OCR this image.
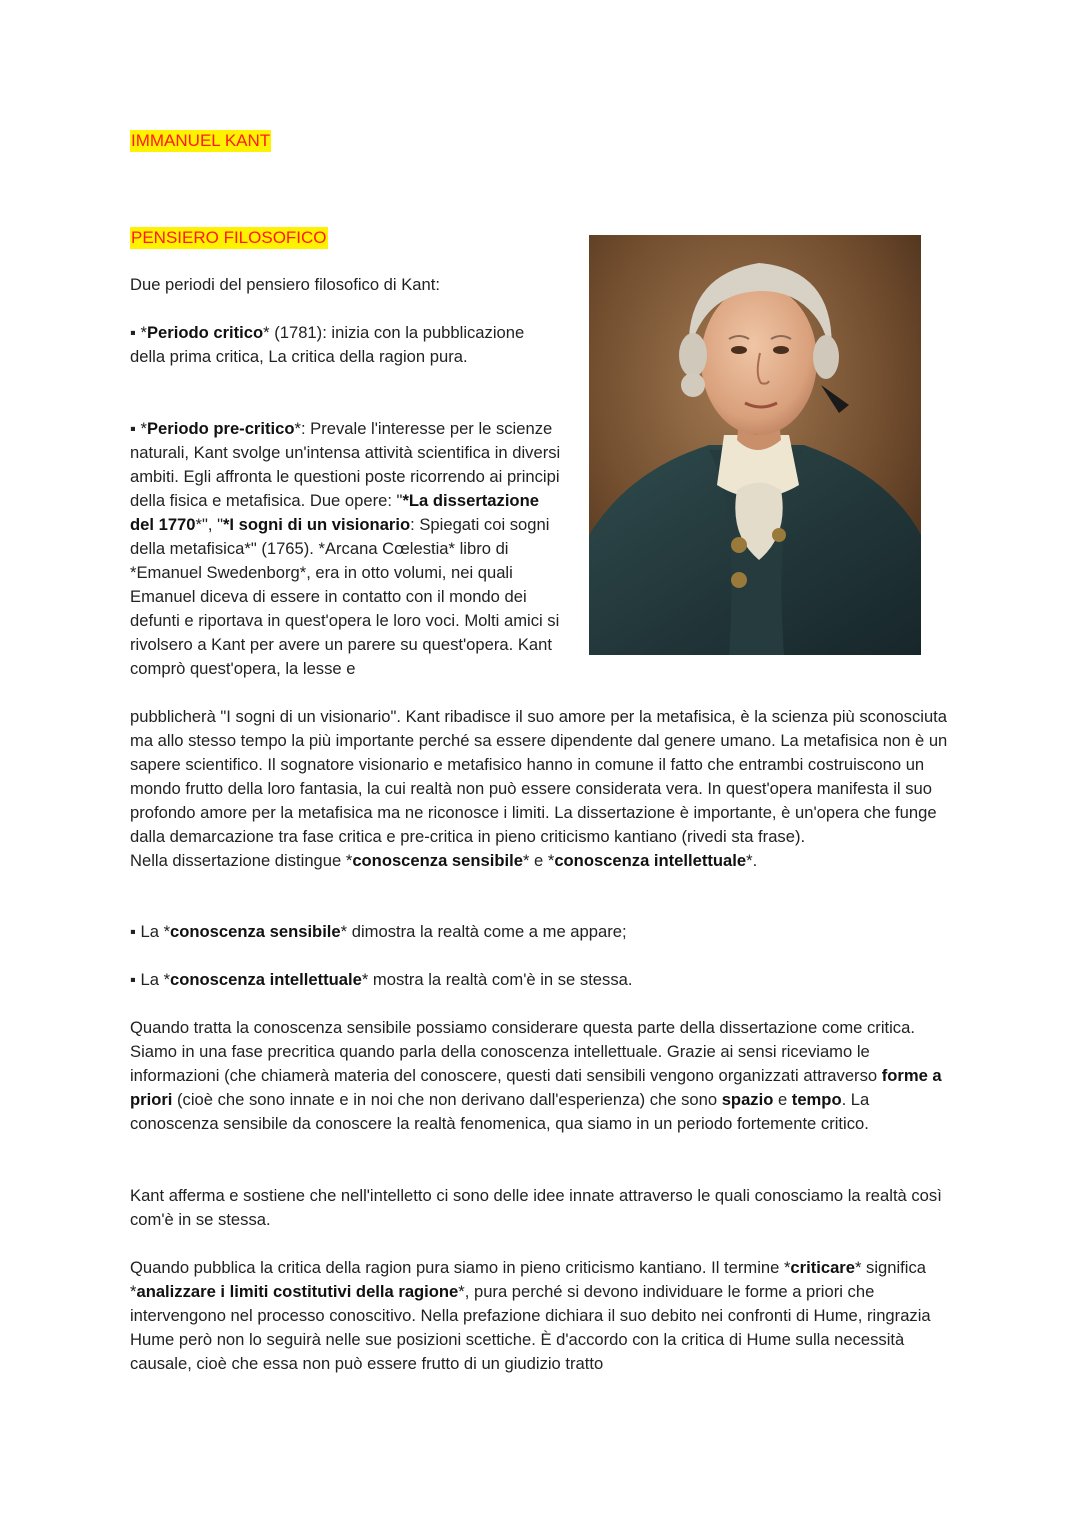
IMMANUEL KANT
PENSIERO FILOSOFICO

Due periodi del pensiero filosofico di Kant:

▪ *Periodo critico* (1781): inizia con la pubblicazione della prima critica, La critica della ragion pura.

▪ *Periodo pre-critico*: Prevale l'interesse per le scienze naturali, Kant svolge un'intensa attività scientifica in diversi ambiti. Egli affronta le questioni poste ricorrendo ai principi della fisica e metafisica. Due opere: "*La dissertazione del 1770*", "*I sogni di un visionario: Spiegati coi sogni della metafisica*" (1765). *Arcana Cœlestia* libro di *Emanuel Swedenborg*, era in otto volumi, nei quali Emanuel diceva di essere in contatto con il mondo dei defunti e riportava in quest'opera le loro voci. Molti amici si rivolsero a Kant per avere un parere su quest'opera. Kant comprò quest'opera, la lesse e

pubblicherà "I sogni di un visionario". Kant ribadisce il suo amore per la metafisica, è la scienza più sconosciuta ma allo stesso tempo la più importante perché sa essere dipendente dal genere umano. La metafisica non è un sapere scientifico. Il sognatore visionario e metafisico hanno in comune il fatto che entrambi costruiscono un mondo frutto della loro fantasia, la cui realtà non può essere considerata vera. In quest'opera manifesta il suo profondo amore per la metafisica ma ne riconosce i limiti. La dissertazione è importante, è un'opera che funge dalla demarcazione tra fase critica e pre-critica in pieno criticismo kantiano (rivedi sta frase).
Nella dissertazione distingue *conoscenza sensibile* e *conoscenza intellettuale*.

▪ La *conoscenza sensibile* dimostra la realtà come a me appare;

▪ La *conoscenza intellettuale* mostra la realtà com'è in se stessa.

Quando tratta la conoscenza sensibile possiamo considerare questa parte della dissertazione come critica. Siamo in una fase precritica quando parla della conoscenza intellettuale. Grazie ai sensi riceviamo le informazioni (che chiamerà materia del conoscere, questi dati sensibili vengono organizzati attraverso forme a priori (cioè che sono innate e in noi che non derivano dall'esperienza) che sono spazio e tempo. La conoscenza sensibile da conoscere la realtà fenomenica, qua siamo in un periodo fortemente critico.

Kant afferma e sostiene che nell'intelletto ci sono delle idee innate attraverso le quali conosciamo la realtà così com'è in se stessa.

Quando pubblica la critica della ragion pura siamo in pieno criticismo kantiano. Il termine *criticare* significa *analizzare i limiti costitutivi della ragione*, pura perché si devono individuare le forme a priori che intervengono nel processo conoscitivo. Nella prefazione dichiara il suo debito nei confronti di Hume, ringrazia Hume però non lo seguirà nelle sue posizioni scettiche. È d'accordo con la critica di Hume sulla necessità causale, cioè che essa non può essere frutto di un giudizio tratto
